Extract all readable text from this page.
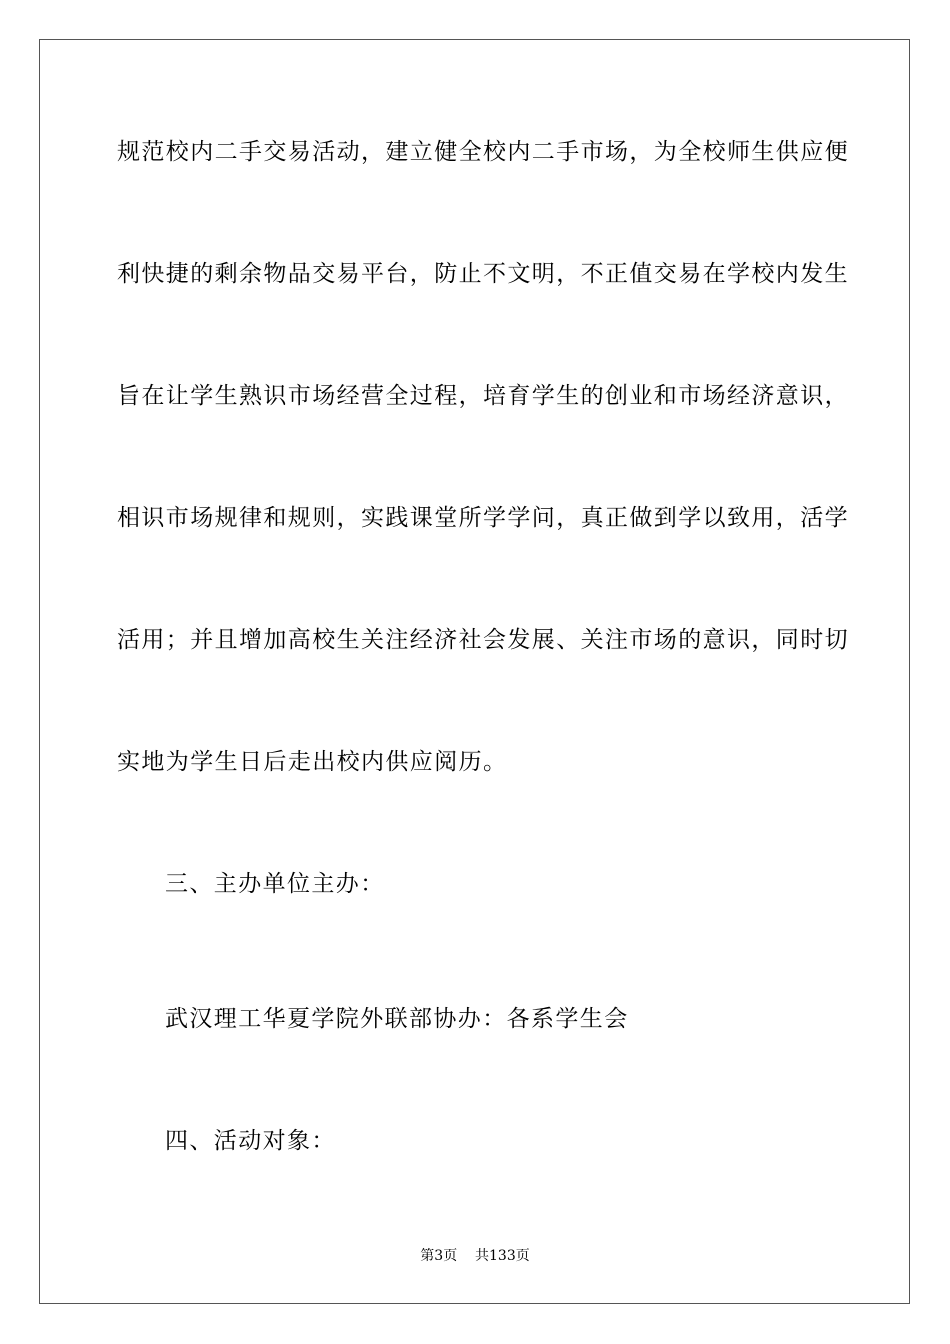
规范校内二手交易活动，建立健全校内二手市场，为全校师生供应便
利快捷的剩余物品交易平台，防止不文明，不正值交易在学校内发生
旨在让学生熟识市场经营全过程，培育学生的创业和市场经济意识，
相识市场规律和规则，实践课堂所学学问，真正做到学以致用，活学
活用；并且增加高校生关注经济社会发展、关注市场的意识，同时切
实地为学生日后走出校内供应阅历。
三、主办单位主办：
武汉理工华夏学院外联部协办：各系学生会
四、活动对象：
第3页 共133页
